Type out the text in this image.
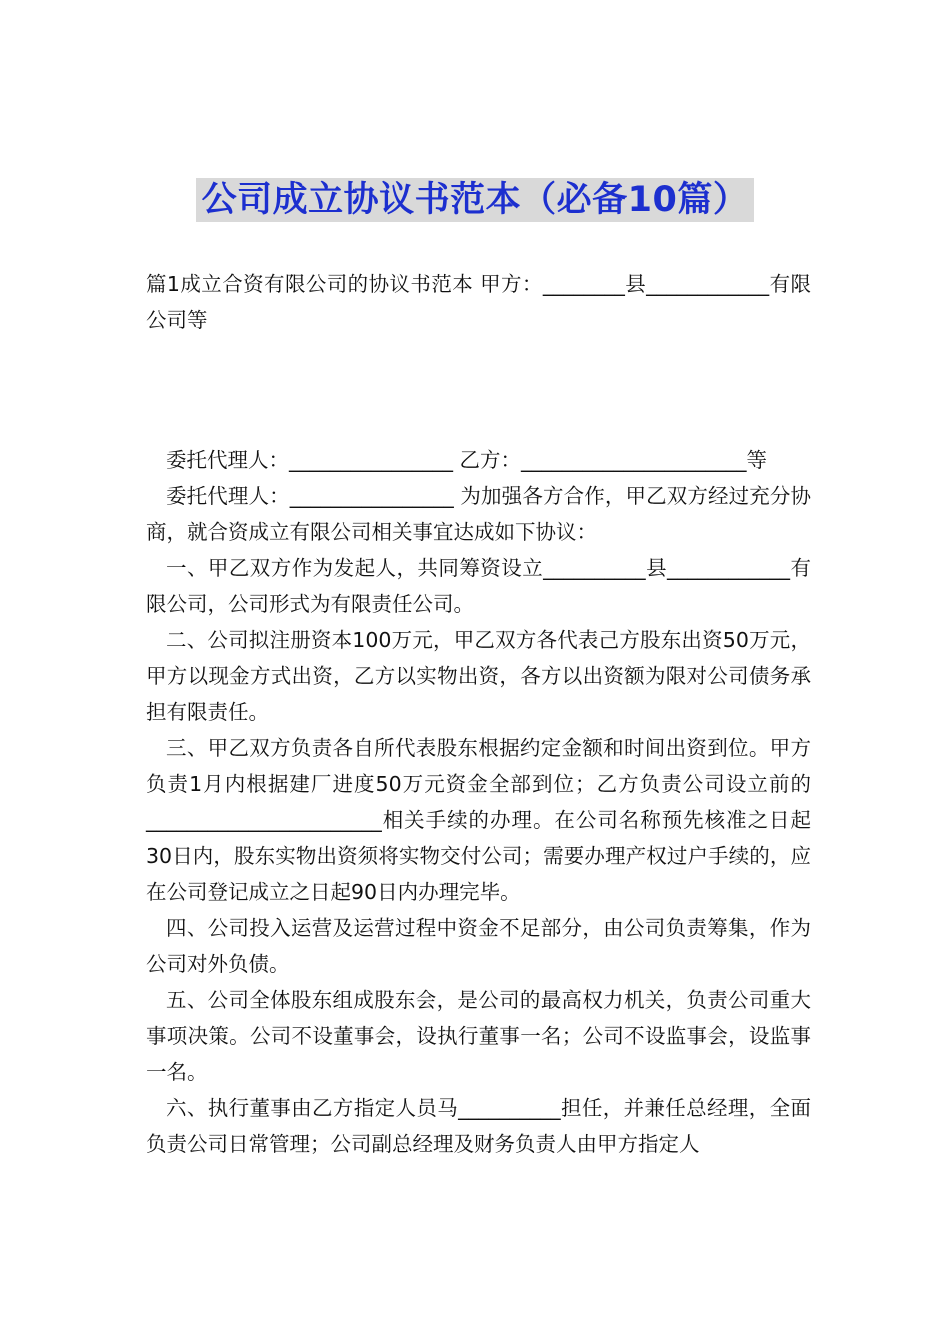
公司成立协议书范本（必备10篇）

篇1成立合资有限公司的协议书范本 甲方：________县____________有限公司等

委托代理人：________________ 乙方：______________________等

委托代理人：________________ 为加强各方合作，甲乙双方经过充分协商，就合资成立有限公司相关事宜达成如下协议：

一、甲乙双方作为发起人，共同筹资设立__________县____________有限公司，公司形式为有限责任公司。

二、公司拟注册资本100万元，甲乙双方各代表己方股东出资50万元，甲方以现金方式出资，乙方以实物出资，各方以出资额为限对公司债务承担有限责任。

三、甲乙双方负责各自所代表股东根据约定金额和时间出资到位。甲方负责1月内根据建厂进度50万元资金全部到位；乙方负责公司设立前的_______________________相关手续的办理。在公司名称预先核准之日起30日内，股东实物出资须将实物交付公司；需要办理产权过户手续的，应在公司登记成立之日起90日内办理完毕。

四、公司投入运营及运营过程中资金不足部分，由公司负责筹集，作为公司对外负债。

五、公司全体股东组成股东会，是公司的最高权力机关，负责公司重大事项决策。公司不设董事会，设执行董事一名；公司不设监事会，设监事一名。

六、执行董事由乙方指定人员马__________担任，并兼任总经理，全面负责公司日常管理；公司副总经理及财务负责人由甲方指定人
